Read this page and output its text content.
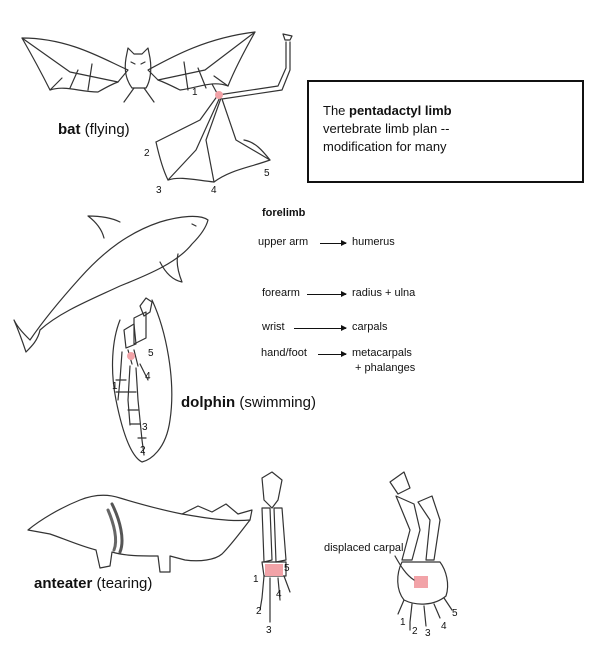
bat (flying)
dolphin (swimming)
anteater (tearing)
The pentadactyl limb
vertebrate limb plan --
modification for many
forelimb
upper arm	humerus
forearm	radius + ulna
wrist	carpals
hand/foot	metacarpals
+ phalanges
1
2
3	4
5
1
2
3
4
5
1
2
3
4
5
1
2 3
4
5
displaced carpal
